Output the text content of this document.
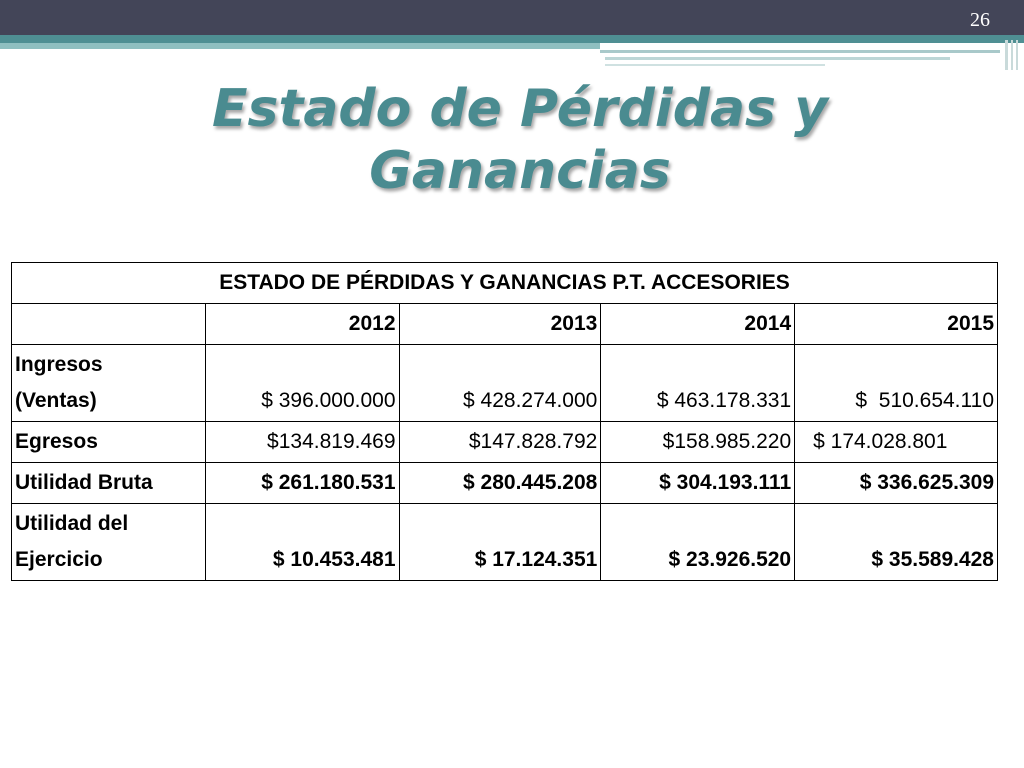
26
Estado de Pérdidas y
Ganancias
ESTADO DE PÉRDIDAS Y GANANCIAS P.T. ACCESORIES				
	2012	2013	2014	2015

Ingresos
(Ventas)	$ 396.000.000	$ 428.274.000	$ 463.178.331	$  510.654.110
Egresos	$134.819.469	$147.828.792	$158.985.220	$ 174.028.801
Utilidad Bruta	$ 261.180.531	$ 280.445.208	$ 304.193.111	$ 336.625.309

Utilidad del
Ejercicio	$ 10.453.481	$ 17.124.351	$ 23.926.520	$ 35.589.428
